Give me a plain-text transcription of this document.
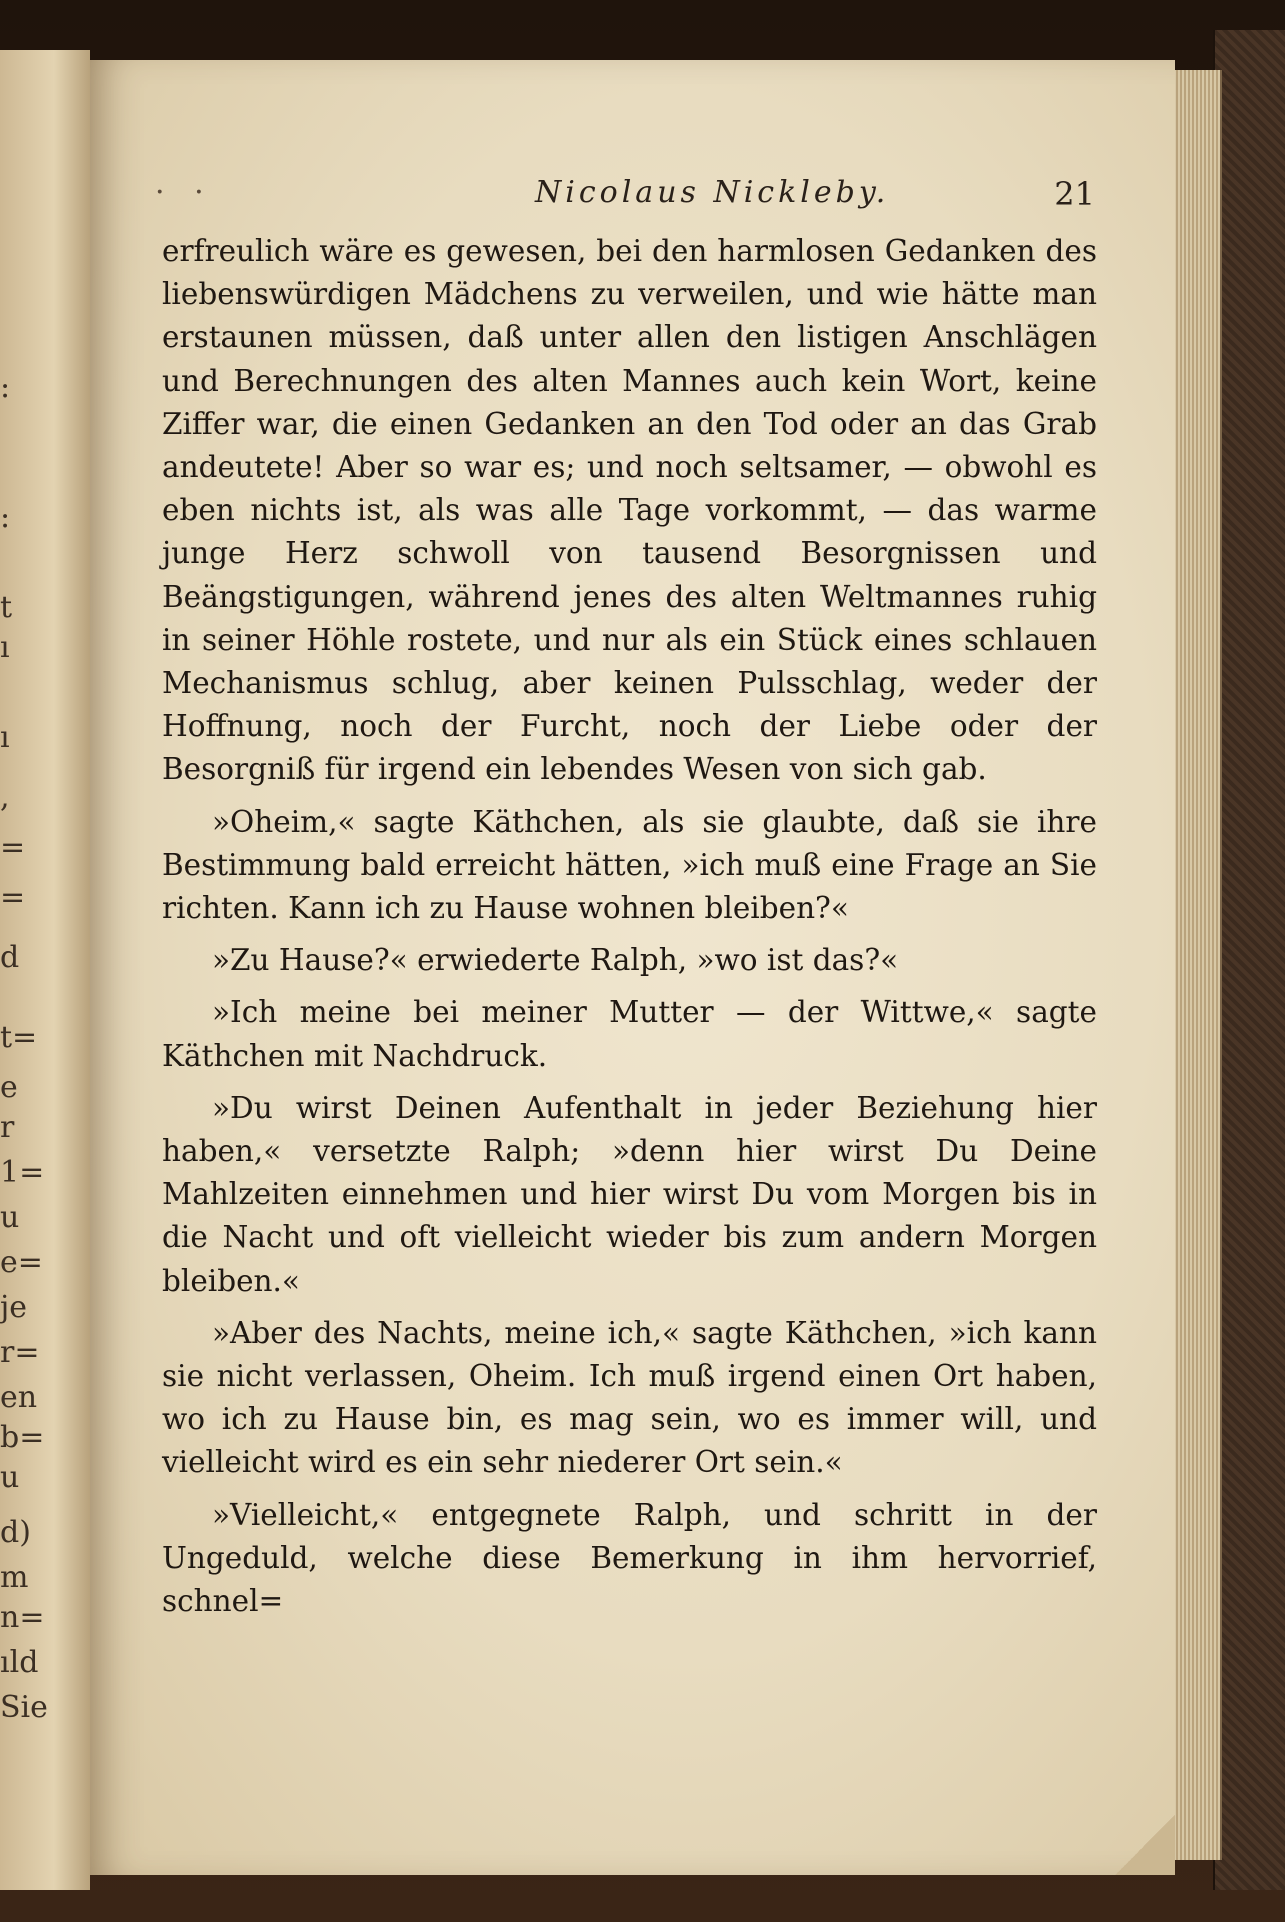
:
:
t
ı
ı
,
=
=
d
t=
e
r
1=
u
e=
je
r=
en
b=
u
d)
m
n=
ıld
Sie
· ·	Nicolaus Nickleby.	21

erfreulich wäre es gewesen, bei den harmlosen Gedanken des liebenswürdigen Mädchens zu verweilen, und wie hätte man erstaunen müssen, daß unter allen den listigen Anschlägen und Berechnungen des alten Mannes auch kein Wort, keine Ziffer war, die einen Gedanken an den Tod oder an das Grab andeutete! Aber so war es; und noch seltsamer, — obwohl es eben nichts ist, als was alle Tage vorkommt, — das warme junge Herz schwoll von tausend Besorgnissen und Beängstigungen, während jenes des alten Weltmannes ruhig in seiner Höhle rostete, und nur als ein Stück eines schlauen Mechanismus schlug, aber keinen Pulsschlag, weder der Hoffnung, noch der Furcht, noch der Liebe oder der Besorgniß für irgend ein lebendes Wesen von sich gab.

»Oheim,« sagte Käthchen, als sie glaubte, daß sie ihre Bestimmung bald erreicht hätten, »ich muß eine Frage an Sie richten. Kann ich zu Hause wohnen bleiben?«

»Zu Hause?« erwiederte Ralph, »wo ist das?«

»Ich meine bei meiner Mutter — der Wittwe,« sagte Käthchen mit Nachdruck.

»Du wirst Deinen Aufenthalt in jeder Beziehung hier haben,« versetzte Ralph; »denn hier wirst Du Deine Mahlzeiten einnehmen und hier wirst Du vom Morgen bis in die Nacht und oft vielleicht wieder bis zum andern Morgen bleiben.«

»Aber des Nachts, meine ich,« sagte Käthchen, »ich kann sie nicht verlassen, Oheim. Ich muß irgend einen Ort haben, wo ich zu Hause bin, es mag sein, wo es immer will, und vielleicht wird es ein sehr niederer Ort sein.«

»Vielleicht,« entgegnete Ralph, und schritt in der Ungeduld, welche diese Bemerkung in ihm hervorrief, schnel=
